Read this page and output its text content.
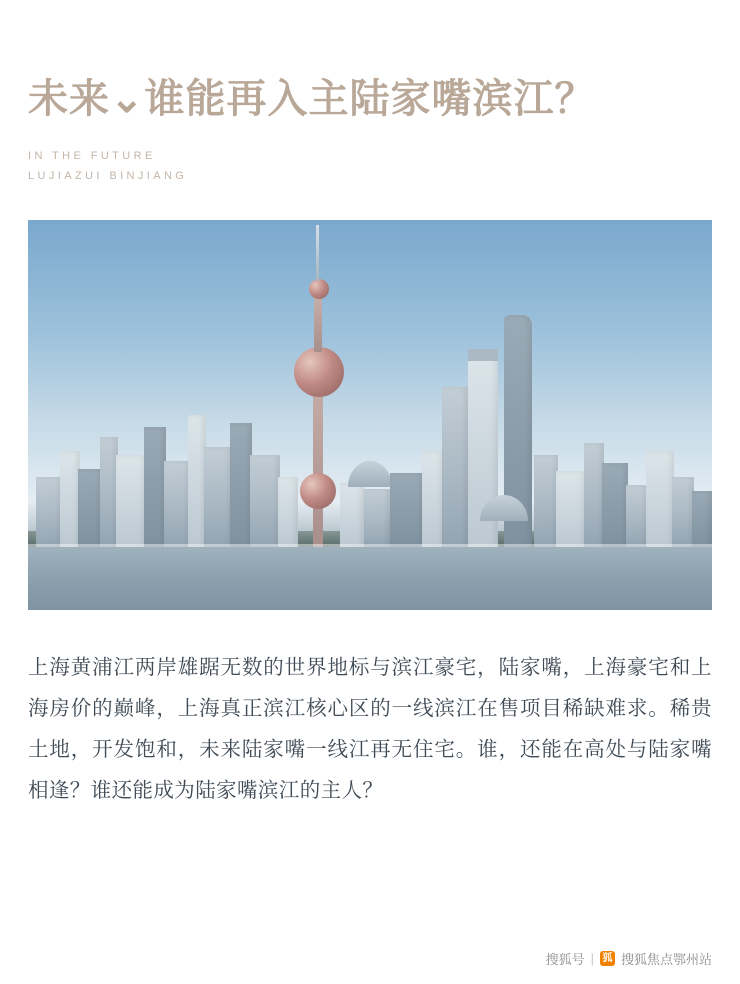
未来⌄谁能再入主陆家嘴滨江？
IN THE FUTURE
LUJIAZUI BINJIANG

上海黄浦江两岸雄踞无数的世界地标与滨江豪宅，陆家嘴，上海豪宅和上海房价的巅峰，上海真正滨江核心区的一线滨江在售项目稀缺难求。稀贵土地，开发饱和，未来陆家嘴一线江再无住宅。谁，还能在高处与陆家嘴相逢？谁还能成为陆家嘴滨江的主人？

搜狐号 | 狐 搜狐焦点鄂州站
